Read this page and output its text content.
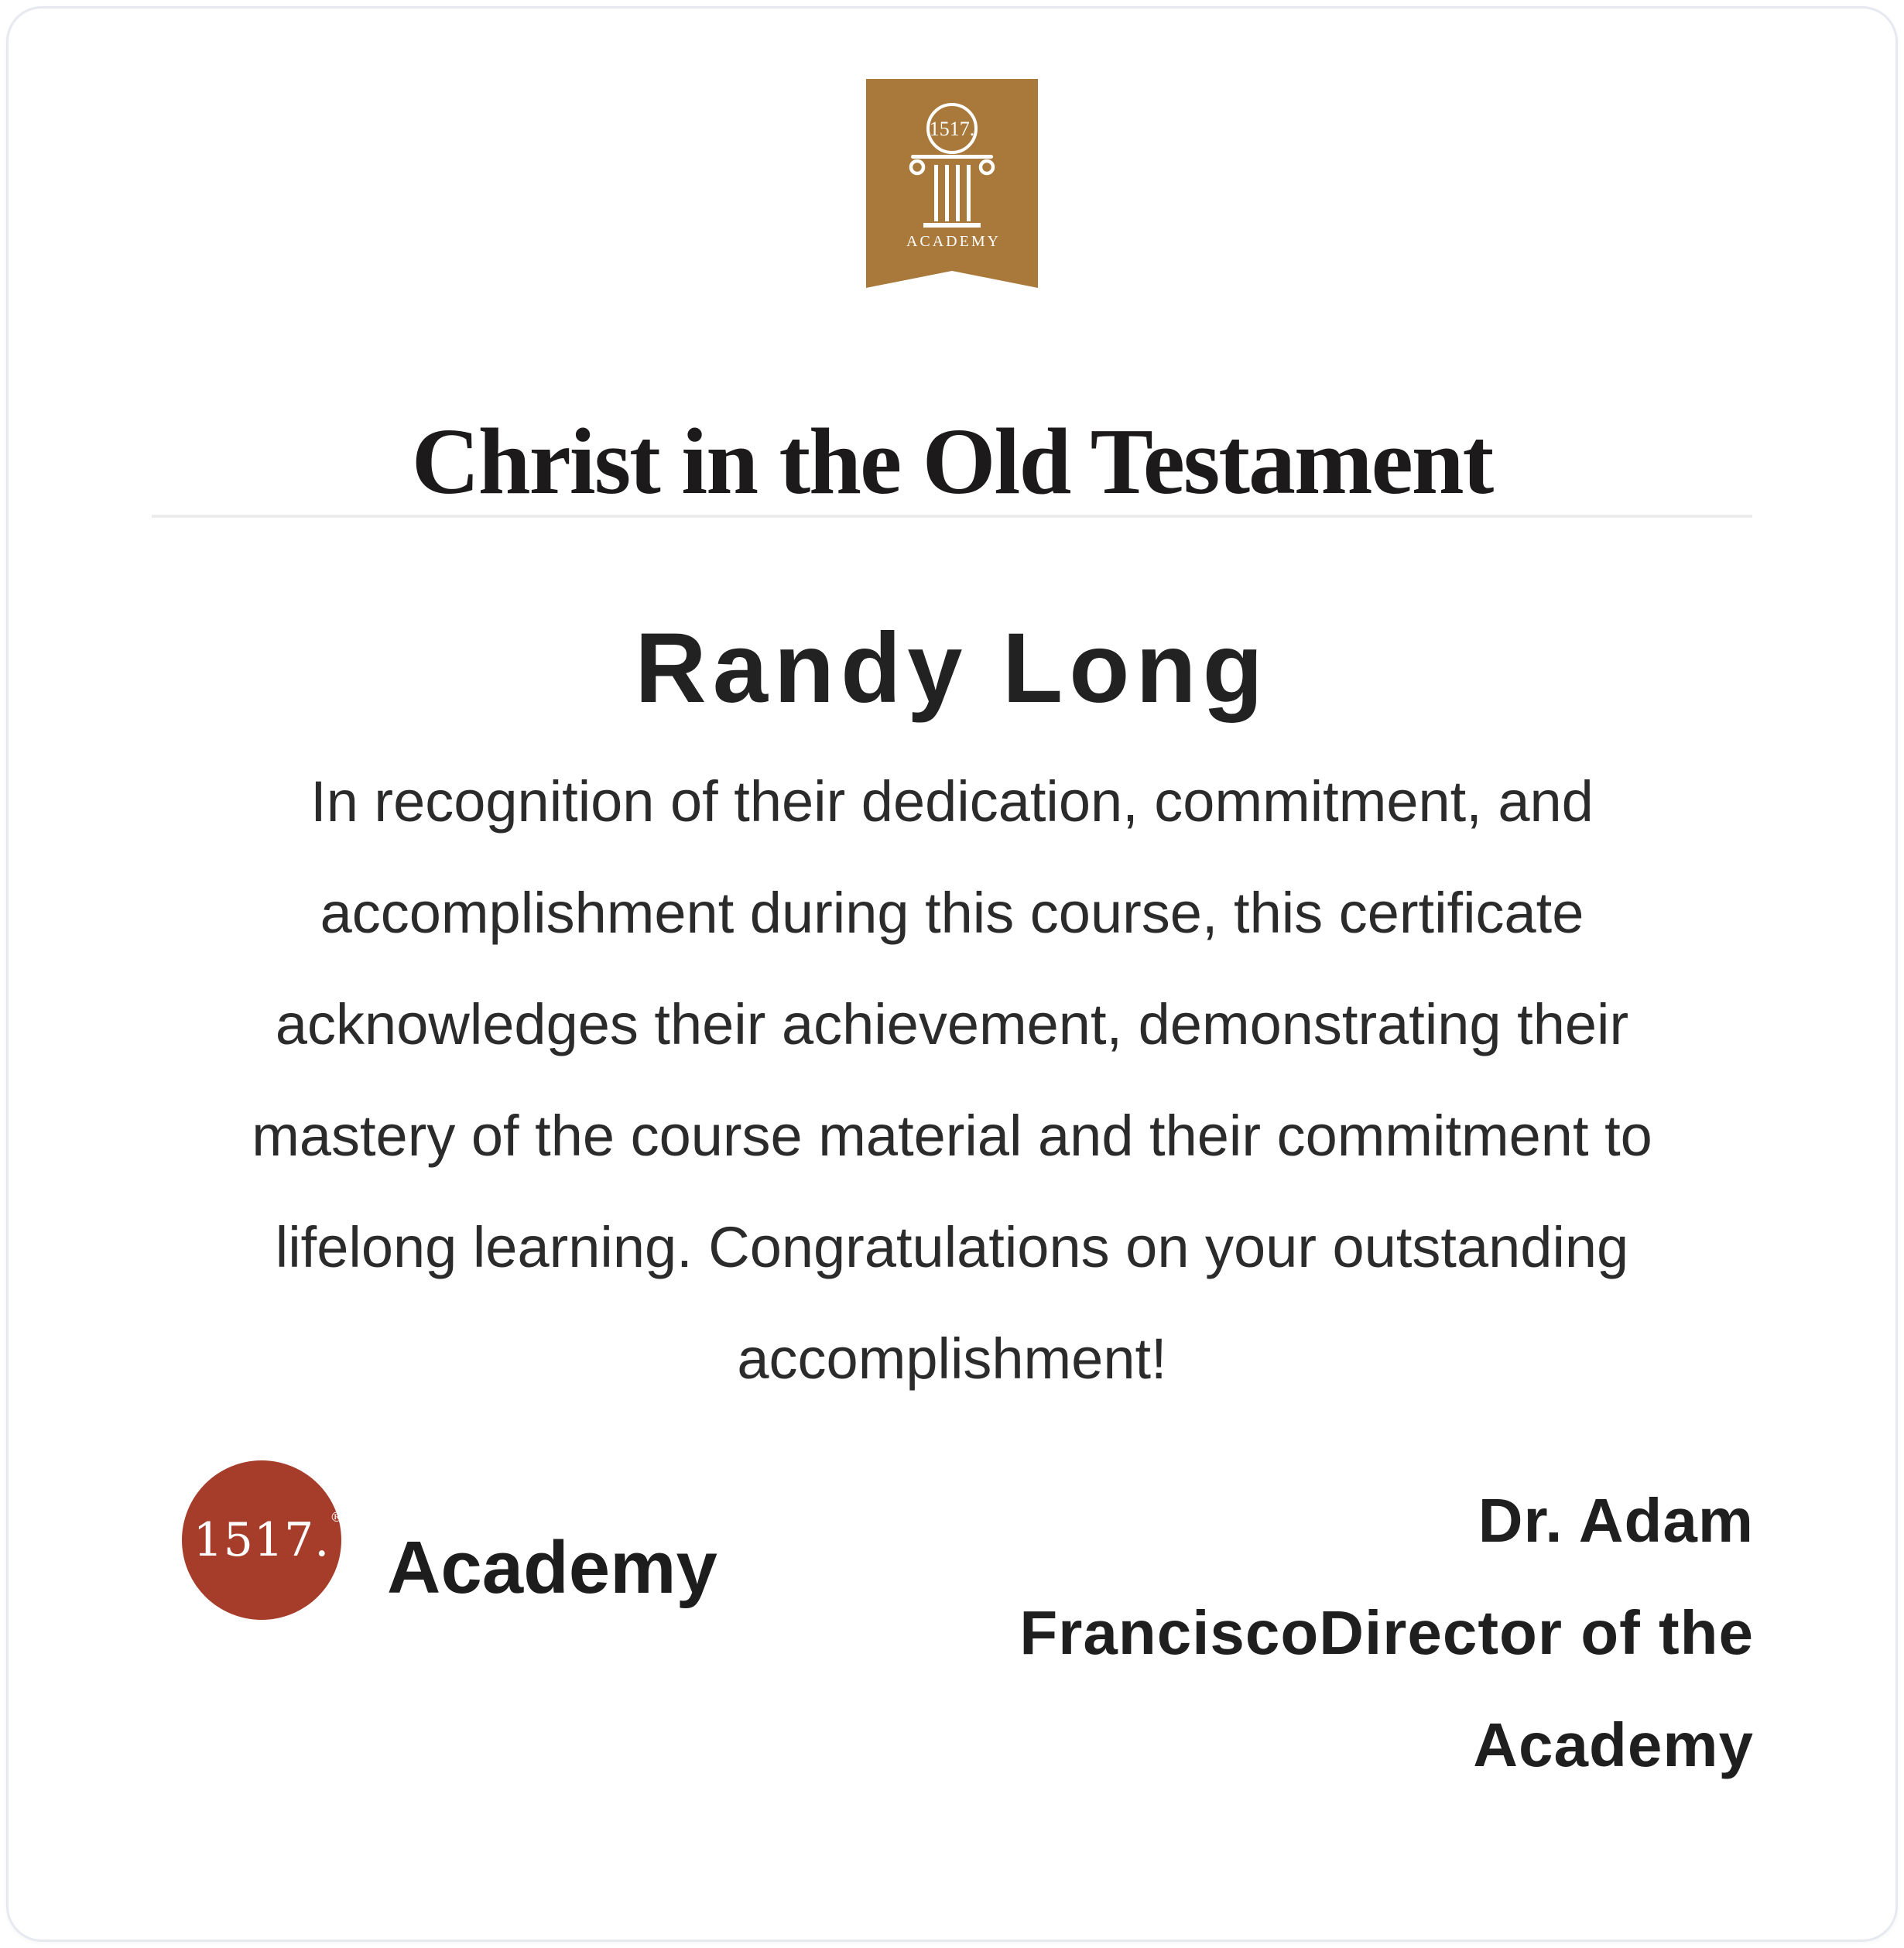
1517.
ACADEMY
Christ in the Old Testament
Randy Long
In recognition of their dedication, commitment, and
accomplishment during this course, this certificate
acknowledges their achievement, demonstrating their
mastery of the course material and their commitment to
lifelong learning. Congratulations on your outstanding
accomplishment!
1517. ®
Academy
Dr. Adam
FranciscoDirector of the
Academy
